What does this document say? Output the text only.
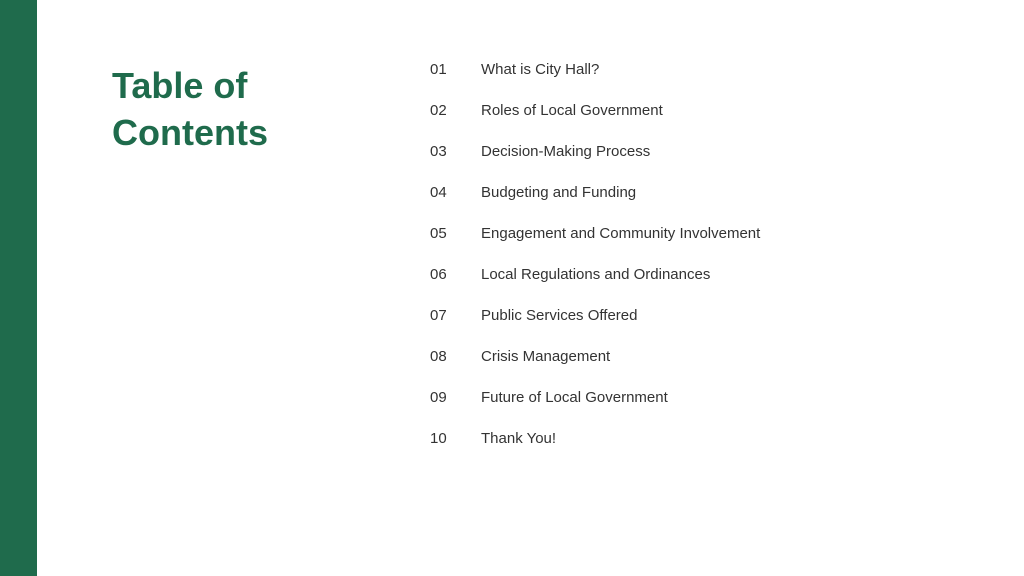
Table of
Contents
01	What is City Hall?
02	Roles of Local Government
03	Decision-Making Process
04	Budgeting and Funding
05	Engagement and Community Involvement
06	Local Regulations and Ordinances
07	Public Services Offered
08	Crisis Management
09	Future of Local Government
10	Thank You!
